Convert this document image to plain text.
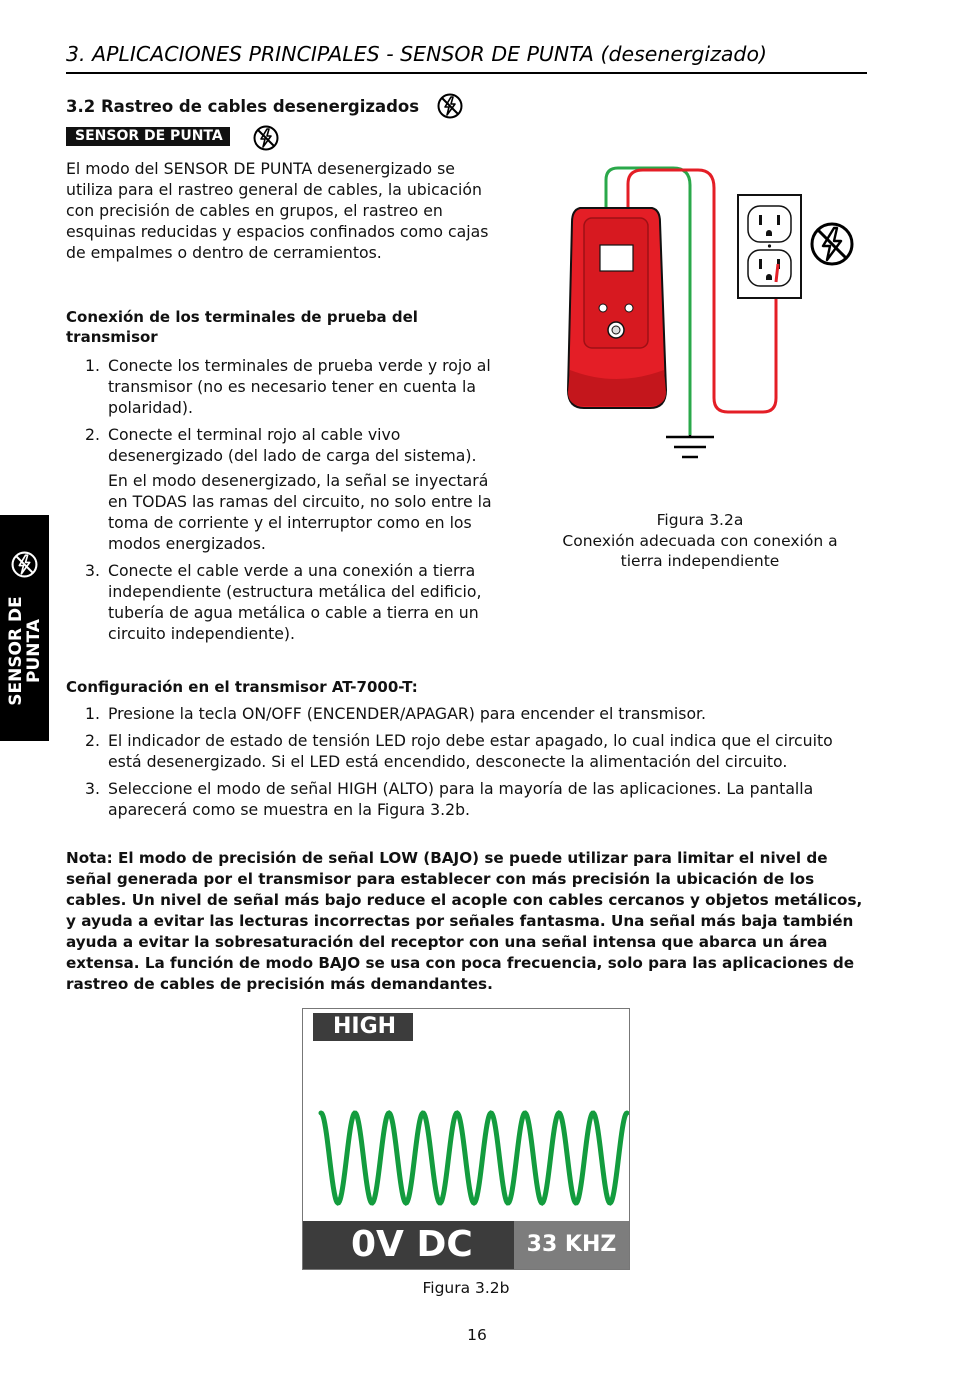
3. APLICACIONES PRINCIPALES - SENSOR DE PUNTA (desenergizado)
3.2 Rastreo de cables desenergizados
SENSOR DE PUNTA
El modo del SENSOR DE PUNTA desenergizado se utiliza para el rastreo general de cables, la ubicación con precisión de cables en grupos, el rastreo en esquinas reducidas y espacios confinados como cajas de empalmes o dentro de cerramientos.
Conexión de los terminales de prueba del transmisor
1. Conecte los terminales de prueba verde y rojo al transmisor (no es necesario tener en cuenta la polaridad).
2. Conecte el terminal rojo al cable vivo desenergizado (del lado de carga del sistema).
En el modo desenergizado, la señal se inyectará en TODAS las ramas del circuito, no solo entre la toma de corriente y el interruptor como en los modos energizados.
3. Conecte el cable verde a una conexión a tierra independiente (estructura metálica del edificio, tubería de agua metálica o cable a tierra en un circuito independiente).
Figura 3.2a
Conexión adecuada con conexión a tierra independiente
SENSOR DE
PUNTA
Configuración en el transmisor AT-7000-T:
1. Presione la tecla ON/OFF (ENCENDER/APAGAR) para encender el transmisor.
2. El indicador de estado de tensión LED rojo debe estar apagado, lo cual indica que el circuito está desenergizado. Si el LED está encendido, desconecte la alimentación del circuito.
3. Seleccione el modo de señal HIGH (ALTO) para la mayoría de las aplicaciones. La pantalla aparecerá como se muestra en la Figura 3.2b.
Nota: El modo de precisión de señal LOW (BAJO) se puede utilizar para limitar el nivel de señal generada por el transmisor para establecer con más precisión la ubicación de los cables. Un nivel de señal más bajo reduce el acople con cables cercanos y objetos metálicos, y ayuda a evitar las lecturas incorrectas por señales fantasma. Una señal más baja también ayuda a evitar la sobresaturación del receptor con una señal intensa que abarca un área extensa. La función de modo BAJO se usa con poca frecuencia, solo para las aplicaciones de rastreo de cables de precisión más demandantes.
HIGH
0V DC	33 KHZ
Figura 3.2b
16
